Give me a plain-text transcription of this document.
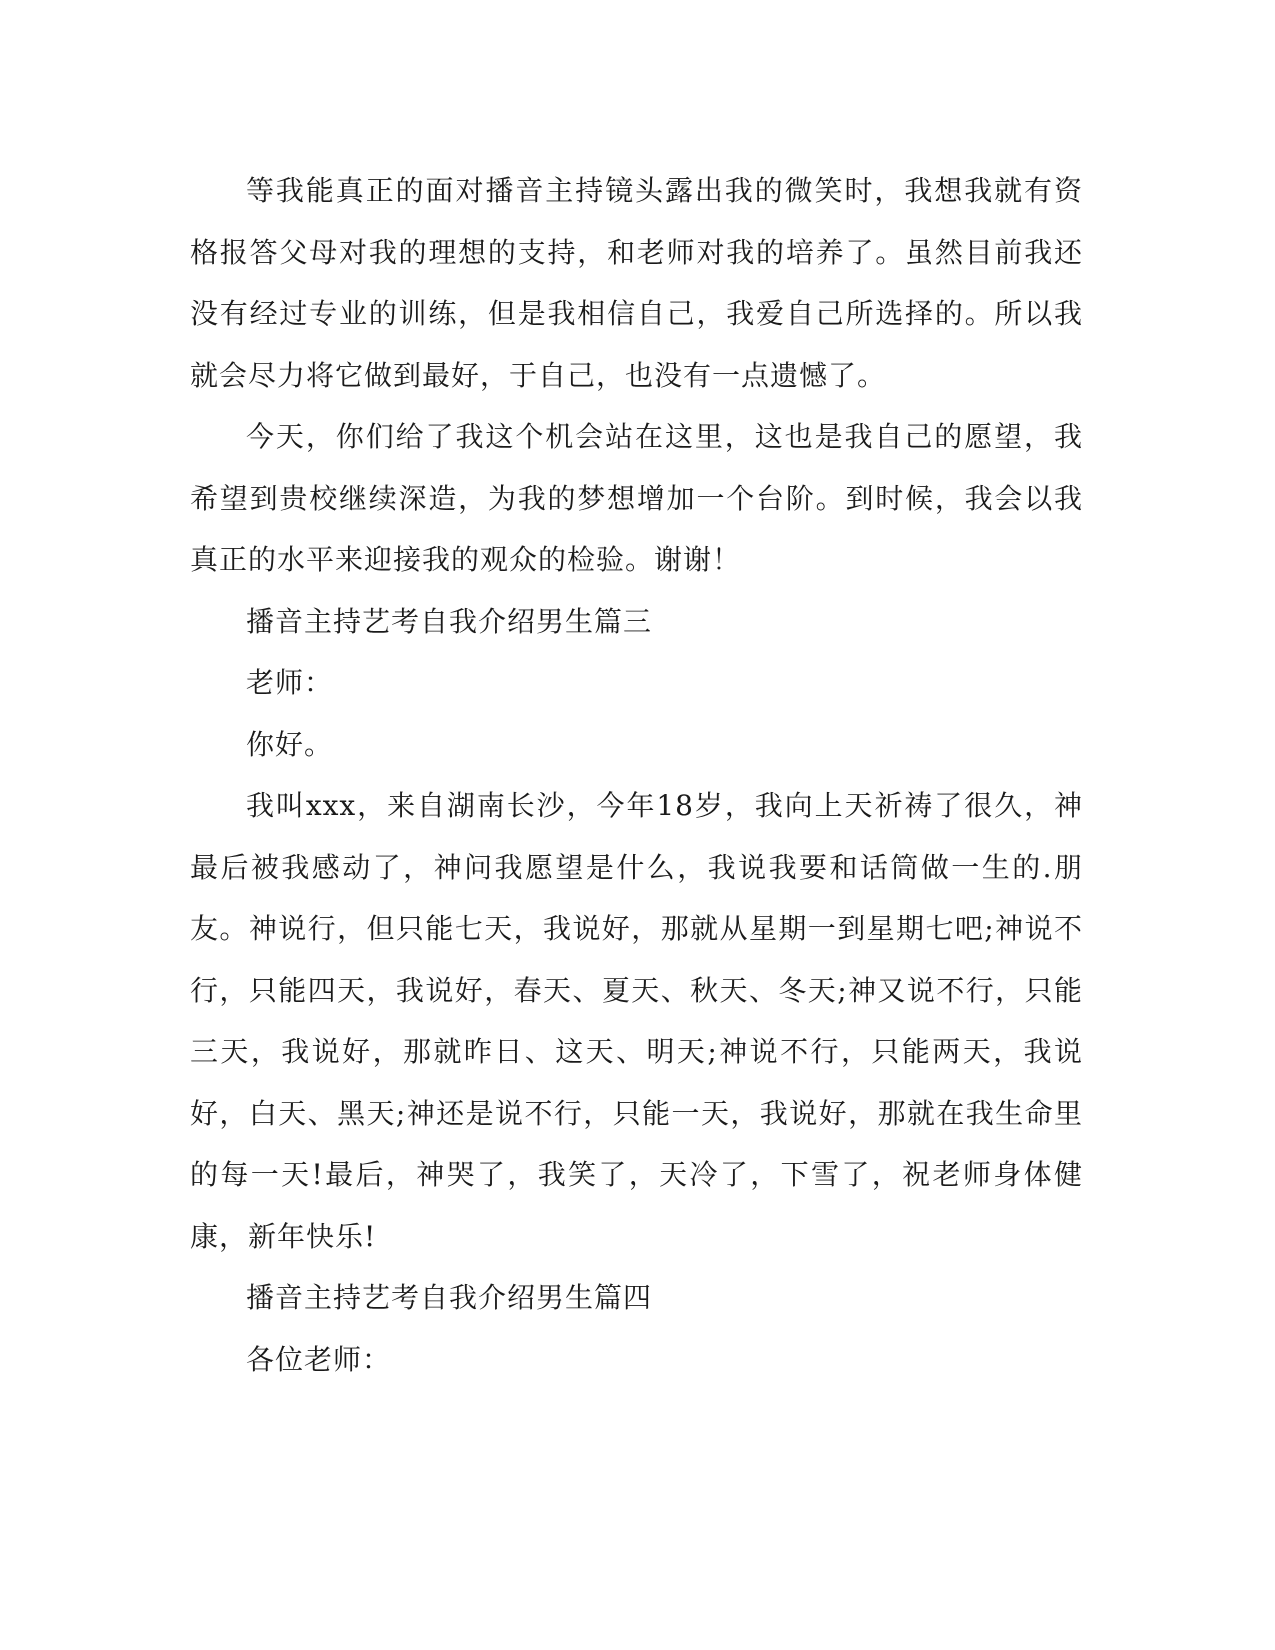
等我能真正的面对播音主持镜头露出我的微笑时，我想我就有资格报答父母对我的理想的支持，和老师对我的培养了。虽然目前我还没有经过专业的训练，但是我相信自己，我爱自己所选择的。所以我就会尽力将它做到最好，于自己，也没有一点遗憾了。

今天，你们给了我这个机会站在这里，这也是我自己的愿望，我希望到贵校继续深造，为我的梦想增加一个台阶。到时候，我会以我真正的水平来迎接我的观众的检验。谢谢！

播音主持艺考自我介绍男生篇三

老师：

你好。

我叫xxx，来自湖南长沙，今年18岁，我向上天祈祷了很久，神最后被我感动了，神问我愿望是什么，我说我要和话筒做一生的.朋友。神说行，但只能七天，我说好，那就从星期一到星期七吧;神说不行，只能四天，我说好，春天、夏天、秋天、冬天;神又说不行，只能三天，我说好，那就昨日、这天、明天;神说不行，只能两天，我说好，白天、黑天;神还是说不行，只能一天，我说好，那就在我生命里的每一天!最后，神哭了，我笑了，天冷了，下雪了，祝老师身体健康，新年快乐!

播音主持艺考自我介绍男生篇四

各位老师：
